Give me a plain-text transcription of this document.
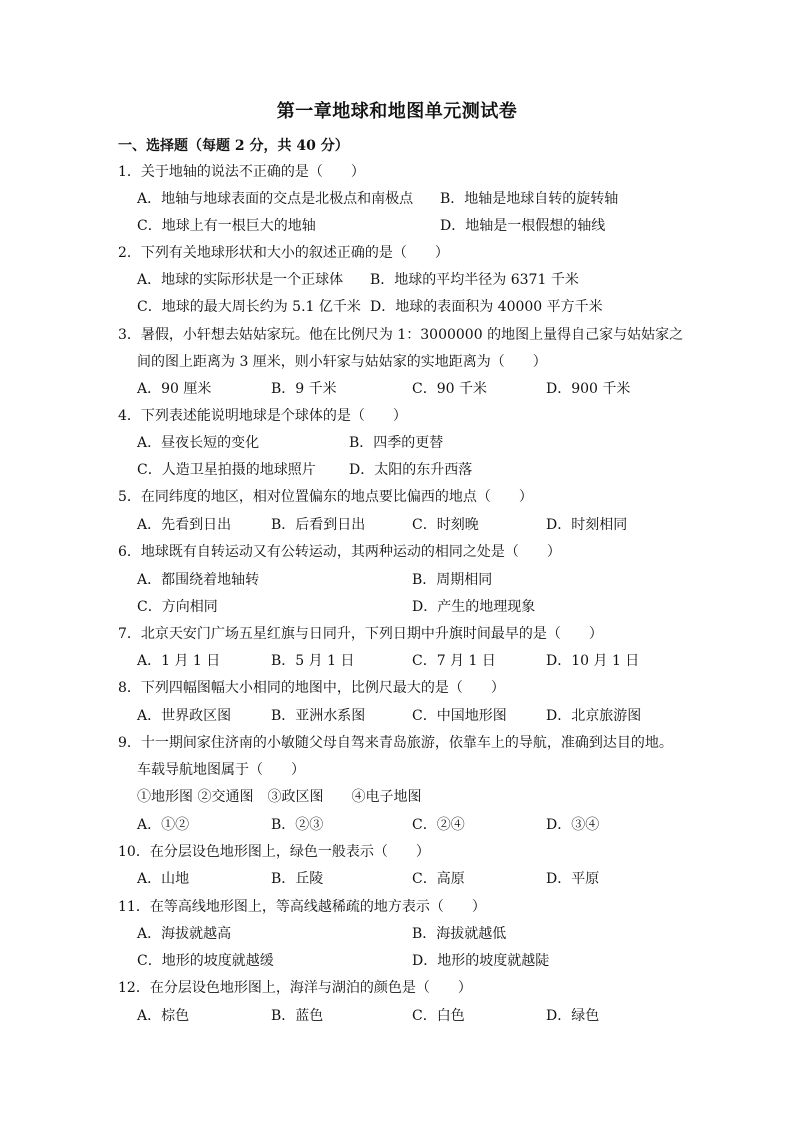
第一章地球和地图单元测试卷
一、选择题（每题 2 分，共 40 分）
1．关于地轴的说法不正确的是（　　）
A．地轴与地球表面的交点是北极点和南极点 B．地轴是地球自转的旋转轴
C．地球上有一根巨大的地轴	D．地轴是一根假想的轴线
2．下列有关地球形状和大小的叙述正确的是（　　）
A．地球的实际形状是一个正球体 B．地球的平均半径为 6371 千米
C．地球的最大周长约为 5.1 亿千米 D．地球的表面积为 40000 平方千米
3．暑假，小轩想去姑姑家玩。他在比例尺为 1：3000000 的地图上量得自己家与姑姑家之
间的图上距离为 3 厘米，则小轩家与姑姑家的实地距离为（　　）
A．90 厘米	B．9 千米	C．90 千米	D．900 千米
4．下列表述能说明地球是个球体的是（　　）
A．昼夜长短的变化	B．四季的更替
C．人造卫星拍摄的地球照片 D．太阳的东升西落
5．在同纬度的地区，相对位置偏东的地点要比偏西的地点（　　）
A．先看到日出	B．后看到日出	C．时刻晚	D．时刻相同
6．地球既有自转运动又有公转运动，其两种运动的相同之处是（　　）
A．都围绕着地轴转	B．周期相同
C．方向相同	D．产生的地理现象
7．北京天安门广场五星红旗与日同升，下列日期中升旗时间最早的是（　　）
A．1 月 1 日	B．5 月 1 日	C．7 月 1 日	D．10 月 1 日
8．下列四幅图幅大小相同的地图中，比例尺最大的是（　　）
A．世界政区图	B．亚洲水系图	C．中国地形图	D．北京旅游图
9．十一期间家住济南的小敏随父母自驾来青岛旅游，依靠车上的导航，准确到达目的地。
车载导航地图属于（　　）
①地形图 ②交通图　③政区图　　④电子地图
A．①②	B．②③	C．②④	D．③④
10．在分层设色地形图上，绿色一般表示（　　）
A．山地	B．丘陵	C．高原	D．平原
11．在等高线地形图上，等高线越稀疏的地方表示（　　）
A．海拔就越高	B．海拔就越低
C．地形的坡度就越缓	D．地形的坡度就越陡
12．在分层设色地形图上，海洋与湖泊的颜色是（　　）
A．棕色	B．蓝色	C．白色	D．绿色
